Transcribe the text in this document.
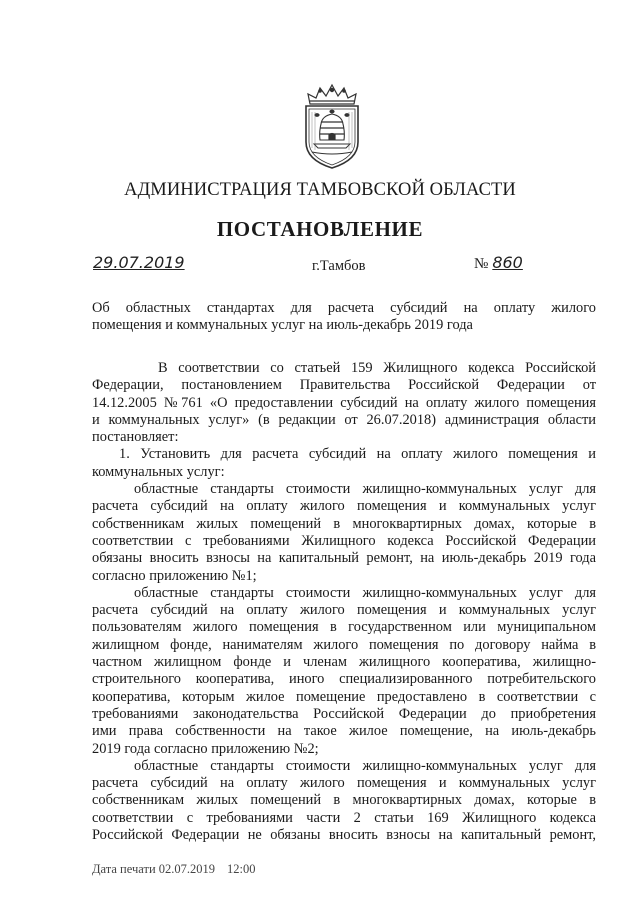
АДМИНИСТРАЦИЯ ТАМБОВСКОЙ ОБЛАСТИ
ПОСТАНОВЛЕНИЕ
29.07.2019	г.Тамбов	№ 860
Об областных стандартах для расчета субсидий на оплату жилого
помещения и коммунальных услуг на июль-декабрь 2019 года
В соответствии со статьей 159 Жилищного кодекса Российской
Федерации, постановлением Правительства Российской Федерации от
14.12.2005 №761 «О предоставлении субсидий на оплату жилого помещения
и коммунальных услуг» (в редакции от 26.07.2018) администрация области
постановляет:
1. Установить для расчета субсидий на оплату жилого помещения и
коммунальных услуг:
областные стандарты стоимости жилищно-коммунальных услуг для
расчета субсидий на оплату жилого помещения и коммунальных услуг
собственникам жилых помещений в многоквартирных домах, которые в
соответствии с требованиями Жилищного кодекса Российской Федерации
обязаны вносить взносы на капитальный ремонт, на июль-декабрь 2019 года
согласно приложению №1;
областные стандарты стоимости жилищно-коммунальных услуг для
расчета субсидий на оплату жилого помещения и коммунальных услуг
пользователям жилого помещения в государственном или муниципальном
жилищном фонде, нанимателям жилого помещения по договору найма в
частном жилищном фонде и членам жилищного кооператива, жилищно-
строительного кооператива, иного специализированного потребительского
кооператива, которым жилое помещение предоставлено в соответствии с
требованиями законодательства Российской Федерации до приобретения
ими права собственности на такое жилое помещение, на июль-декабрь
2019 года согласно приложению №2;
областные стандарты стоимости жилищно-коммунальных услуг для
расчета субсидий на оплату жилого помещения и коммунальных услуг
собственникам жилых помещений в многоквартирных домах, которые в
соответствии с требованиями части 2 статьи 169 Жилищного кодекса
Российской Федерации не обязаны вносить взносы на капитальный ремонт,
Дата печати 02.07.2019 12:00
